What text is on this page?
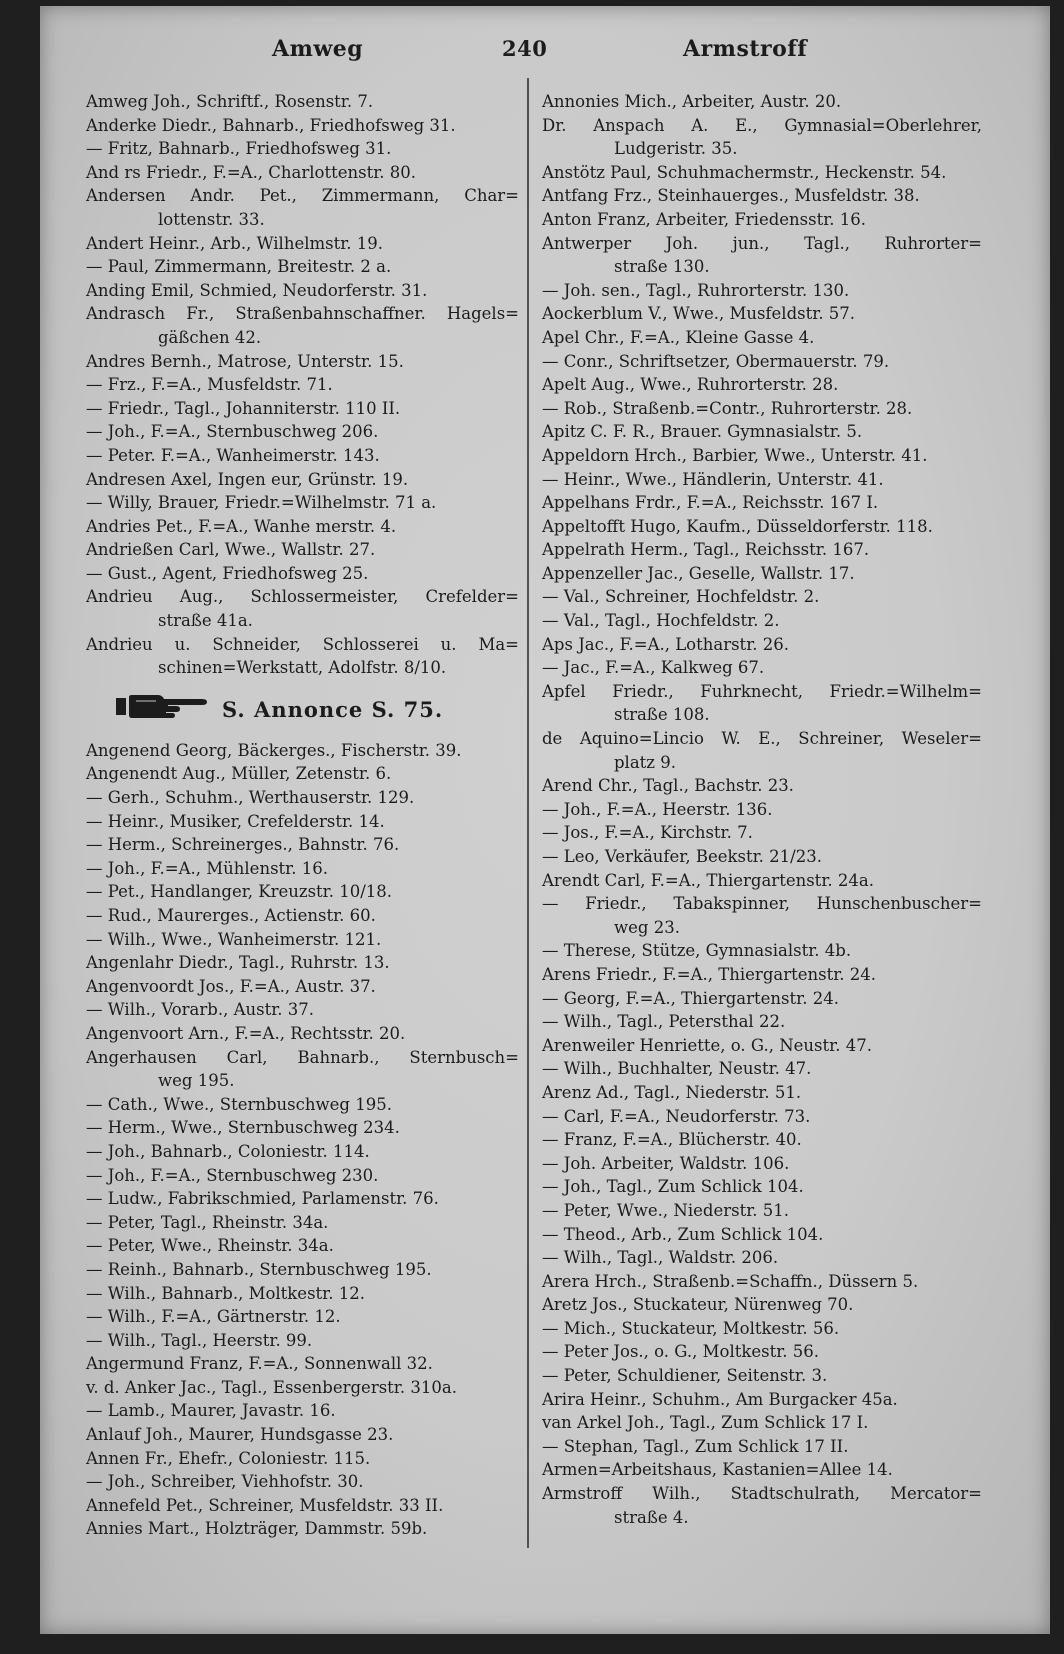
Amweg	240	Armstroff
Amweg Joh., Schriftf., Rosenstr. 7.
Anderke Diedr., Bahnarb., Friedhofsweg 31.
— Fritz, Bahnarb., Friedhofsweg 31.
And rs Friedr., F.=A., Charlottenstr. 80.
Andersen Andr. Pet., Zimmermann, Char=
lottenstr. 33.
Andert Heinr., Arb., Wilhelmstr. 19.
— Paul, Zimmermann, Breitestr. 2 a.
Anding Emil, Schmied, Neudorferstr. 31.
Andrasch Fr., Straßenbahnschaffner. Hagels=
gäßchen 42.
Andres Bernh., Matrose, Unterstr. 15.
— Frz., F.=A., Musfeldstr. 71.
— Friedr., Tagl., Johanniterstr. 110 II.
— Joh., F.=A., Sternbuschweg 206.
— Peter. F.=A., Wanheimerstr. 143.
Andresen Axel, Ingen eur, Grünstr. 19.
— Willy, Brauer, Friedr.=Wilhelmstr. 71 a.
Andries Pet., F.=A., Wanhe merstr. 4.
Andrießen Carl, Wwe., Wallstr. 27.
— Gust., Agent, Friedhofsweg 25.
Andrieu Aug., Schlossermeister, Crefelder=
straße 41a.
Andrieu u. Schneider, Schlosserei u. Ma=
schinen=Werkstatt, Adolfstr. 8/10.
S. Annonce S. 75.
Angenend Georg, Bäckerges., Fischerstr. 39.
Angenendt Aug., Müller, Zetenstr. 6.
— Gerh., Schuhm., Werthauserstr. 129.
— Heinr., Musiker, Crefelderstr. 14.
— Herm., Schreinerges., Bahnstr. 76.
— Joh., F.=A., Mühlenstr. 16.
— Pet., Handlanger, Kreuzstr. 10/18.
— Rud., Maurerges., Actienstr. 60.
— Wilh., Wwe., Wanheimerstr. 121.
Angenlahr Diedr., Tagl., Ruhrstr. 13.
Angenvoordt Jos., F.=A., Austr. 37.
— Wilh., Vorarb., Austr. 37.
Angenvoort Arn., F.=A., Rechtsstr. 20.
Angerhausen Carl, Bahnarb., Sternbusch=
weg 195.
— Cath., Wwe., Sternbuschweg 195.
— Herm., Wwe., Sternbuschweg 234.
— Joh., Bahnarb., Coloniestr. 114.
— Joh., F.=A., Sternbuschweg 230.
— Ludw., Fabrikschmied, Parlamenstr. 76.
— Peter, Tagl., Rheinstr. 34a.
— Peter, Wwe., Rheinstr. 34a.
— Reinh., Bahnarb., Sternbuschweg 195.
— Wilh., Bahnarb., Moltkestr. 12.
— Wilh., F.=A., Gärtnerstr. 12.
— Wilh., Tagl., Heerstr. 99.
Angermund Franz, F.=A., Sonnenwall 32.
v. d. Anker Jac., Tagl., Essenbergerstr. 310a.
— Lamb., Maurer, Javastr. 16.
Anlauf Joh., Maurer, Hundsgasse 23.
Annen Fr., Ehefr., Coloniestr. 115.
— Joh., Schreiber, Viehhofstr. 30.
Annefeld Pet., Schreiner, Musfeldstr. 33 II.
Annies Mart., Holzträger, Dammstr. 59b.
Annonies Mich., Arbeiter, Austr. 20.
Dr. Anspach A. E., Gymnasial=Oberlehrer,
Ludgeristr. 35.
Anstötz Paul, Schuhmachermstr., Heckenstr. 54.
Antfang Frz., Steinhauerges., Musfeldstr. 38.
Anton Franz, Arbeiter, Friedensstr. 16.
Antwerper Joh. jun., Tagl., Ruhrorter=
straße 130.
— Joh. sen., Tagl., Ruhrorterstr. 130.
Aockerblum V., Wwe., Musfeldstr. 57.
Apel Chr., F.=A., Kleine Gasse 4.
— Conr., Schriftsetzer, Obermauerstr. 79.
Apelt Aug., Wwe., Ruhrorterstr. 28.
— Rob., Straßenb.=Contr., Ruhrorterstr. 28.
Apitz C. F. R., Brauer. Gymnasialstr. 5.
Appeldorn Hrch., Barbier, Wwe., Unterstr. 41.
— Heinr., Wwe., Händlerin, Unterstr. 41.
Appelhans Frdr., F.=A., Reichsstr. 167 I.
Appeltofft Hugo, Kaufm., Düsseldorferstr. 118.
Appelrath Herm., Tagl., Reichsstr. 167.
Appenzeller Jac., Geselle, Wallstr. 17.
— Val., Schreiner, Hochfeldstr. 2.
— Val., Tagl., Hochfeldstr. 2.
Aps Jac., F.=A., Lotharstr. 26.
— Jac., F.=A., Kalkweg 67.
Apfel Friedr., Fuhrknecht, Friedr.=Wilhelm=
straße 108.
de Aquino=Lincio W. E., Schreiner, Weseler=
platz 9.
Arend Chr., Tagl., Bachstr. 23.
— Joh., F.=A., Heerstr. 136.
— Jos., F.=A., Kirchstr. 7.
— Leo, Verkäufer, Beekstr. 21/23.
Arendt Carl, F.=A., Thiergartenstr. 24a.
— Friedr., Tabakspinner, Hunschenbuscher=
weg 23.
— Therese, Stütze, Gymnasialstr. 4b.
Arens Friedr., F.=A., Thiergartenstr. 24.
— Georg, F.=A., Thiergartenstr. 24.
— Wilh., Tagl., Petersthal 22.
Arenweiler Henriette, o. G., Neustr. 47.
— Wilh., Buchhalter, Neustr. 47.
Arenz Ad., Tagl., Niederstr. 51.
— Carl, F.=A., Neudorferstr. 73.
— Franz, F.=A., Blücherstr. 40.
— Joh. Arbeiter, Waldstr. 106.
— Joh., Tagl., Zum Schlick 104.
— Peter, Wwe., Niederstr. 51.
— Theod., Arb., Zum Schlick 104.
— Wilh., Tagl., Waldstr. 206.
Arera Hrch., Straßenb.=Schaffn., Düssern 5.
Aretz Jos., Stuckateur, Nürenweg 70.
— Mich., Stuckateur, Moltkestr. 56.
— Peter Jos., o. G., Moltkestr. 56.
— Peter, Schuldiener, Seitenstr. 3.
Arira Heinr., Schuhm., Am Burgacker 45a.
van Arkel Joh., Tagl., Zum Schlick 17 I.
— Stephan, Tagl., Zum Schlick 17 II.
Armen=Arbeitshaus, Kastanien=Allee 14.
Armstroff Wilh., Stadtschulrath, Mercator=
straße 4.
